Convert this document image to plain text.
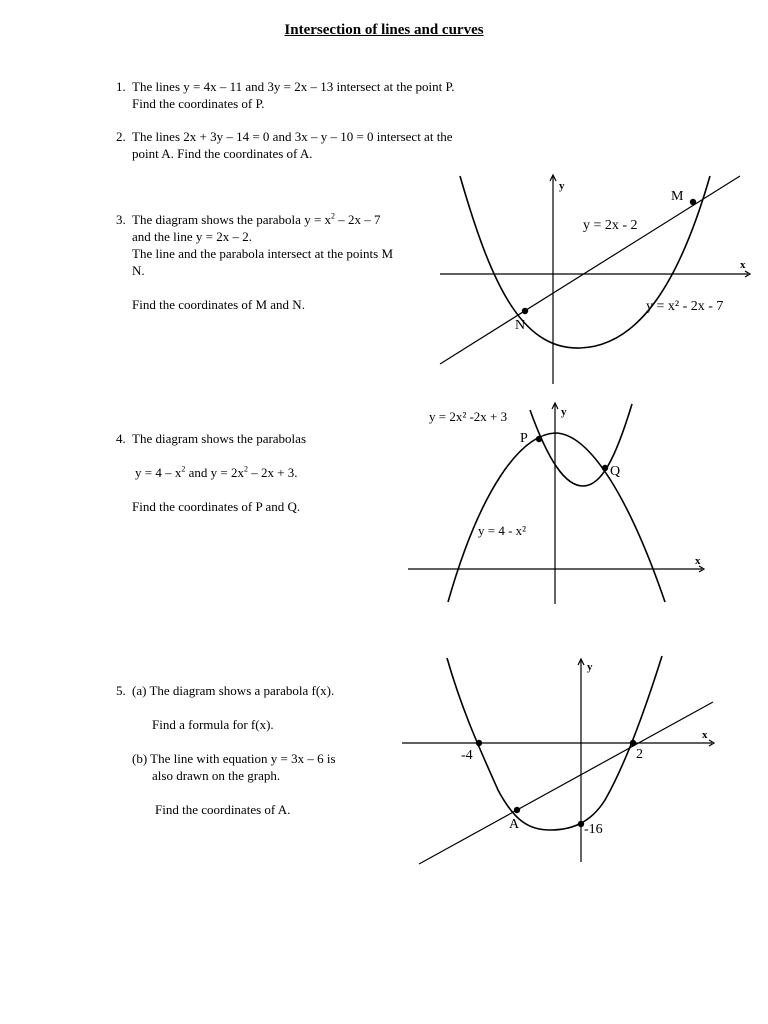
Intersection of lines and curves

1. The lines y = 4x – 11 and 3y = 2x – 13 intersect at the point P.

Find the coordinates of P.

2. The lines 2x + 3y – 14 = 0 and 3x – y – 10 = 0 intersect at the

point A. Find the coordinates of A.

3. The diagram shows the parabola $y = x^2 - 2x - 7$

and the line y = 2x – 2.

The line and the parabola intersect at the points M

N.

Find the coordinates of M and N.

4. The diagram shows the parabolas

$y = 4 - x^2$ and $y = 2x^2 - 2x + 3$.

Find the coordinates of P and Q.

5. (a) The diagram shows a parabola f(x).

Find a formula for f(x).

(b) The line with equation y = 3x – 6 is

also drawn on the graph.

Find the coordinates of A.

y
x
y = 2x - 2
y = x² - 2x - 7
M
N
y
x
y = 2x² -2x + 3
y = 4 - x²
P
Q
y
x
-4	2
-16
A
